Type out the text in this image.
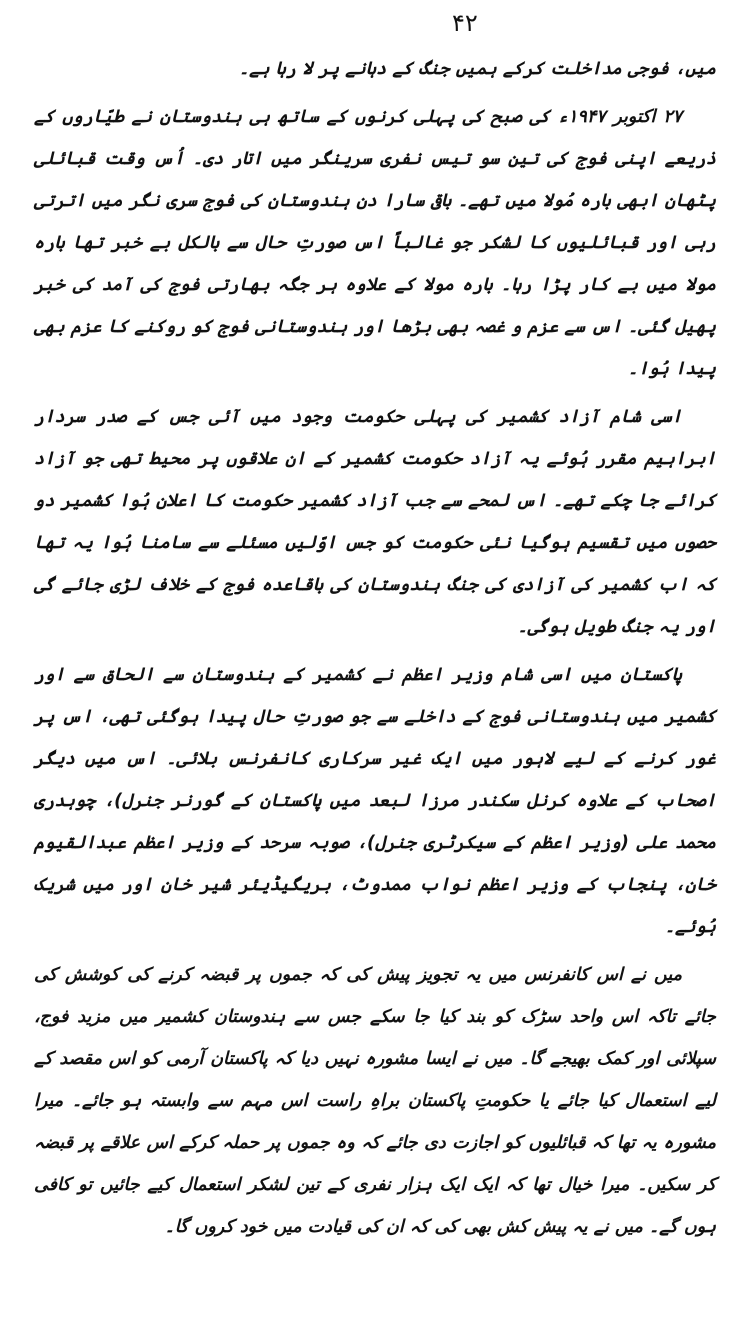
۴۲

میں، فوجی مداخلت کرکے ہمیں جنگ کے دہانے پر لا رہا ہے۔

۲۷ اکتوبر ۱۹۴۷ء کی صبح کی پہلی کرنوں کے ساتھ ہی ہندوستان نے طیّاروں کے ذریعے اپنی فوج کی تین سو تیس نفری سرینگر میں اتار دی۔ اُس وقت قبائلی پٹھان ابھی بارہ مُولا میں تھے۔ باقی سارا دن ہندوستان کی فوج سری نگر میں اترتی رہی اور قبائلیوں کا لشکر جو غالباً اس صورتِ حال سے بالکل بے خبر تھا بارہ مولا میں بے کار پڑا رہا۔ بارہ مولا کے علاوہ ہر جگہ بھارتی فوج کی آمد کی خبر پھیل گئی۔ اس سے عزم و غصہ بھی بڑھا اور ہندوستانی فوج کو روکنے کا عزم بھی پیدا ہُوا۔

اسی شام آزاد کشمیر کی پہلی حکومت وجود میں آئی جس کے صدر سردار ابراہیم مقرر ہُوئے یہ آزاد حکومت کشمیر کے ان علاقوں پر محیط تھی جو آزاد کرائے جا چکے تھے۔ اس لمحے سے جب آزاد کشمیر حکومت کا اعلان ہُوا کشمیر دو حصوں میں تقسیم ہوگیا نئی حکومت کو جس اوّلیں مسئلے سے سامنا ہُوا یہ تھا کہ اب کشمیر کی آزادی کی جنگ ہندوستان کی باقاعدہ فوج کے خلاف لڑی جائے گی اور یہ جنگ طویل ہوگی۔

پاکستان میں اسی شام وزیر اعظم نے کشمیر کے ہندوستان سے الحاق سے اور کشمیر میں ہندوستانی فوج کے داخلے سے جو صورتِ حال پیدا ہوگئی تھی، اس پر غور کرنے کے لیے لاہور میں ایک غیر سرکاری کانفرنس بلائی۔ اس میں دیگر اصحاب کے علاوہ کرنل سکندر مرزا لبعد میں پاکستان کے گورنر جنرل)، چوہدری محمد علی (وزیر اعظم کے سیکرٹری جنرل)، صوبہ سرحد کے وزیر اعظم عبدالقیوم خان، پنجاب کے وزیر اعظم نواب ممدوٹ، بریگیڈیئر شیر خان اور میں شریک ہُوئے۔

میں نے اس کانفرنس میں یہ تجویز پیش کی کہ جموں پر قبضہ کرنے کی کوشش کی جائے تاکہ اس واحد سڑک کو بند کیا جا سکے جس سے ہندوستان کشمیر میں مزید فوج، سپلائی اور کمک بھیجے گا۔ میں نے ایسا مشورہ نہیں دیا کہ پاکستان آرمی کو اس مقصد کے لیے استعمال کیا جائے یا حکومتِ پاکستان براہِ راست اس مہم سے وابستہ ہو جائے۔ میرا مشورہ یہ تھا کہ قبائلیوں کو اجازت دی جائے کہ وہ جموں پر حملہ کرکے اس علاقے پر قبضہ کر سکیں۔ میرا خیال تھا کہ ایک ایک ہزار نفری کے تین لشکر استعمال کیے جائیں تو کافی ہوں گے۔ میں نے یہ پیش کش بھی کی کہ ان کی قیادت میں خود کروں گا۔
